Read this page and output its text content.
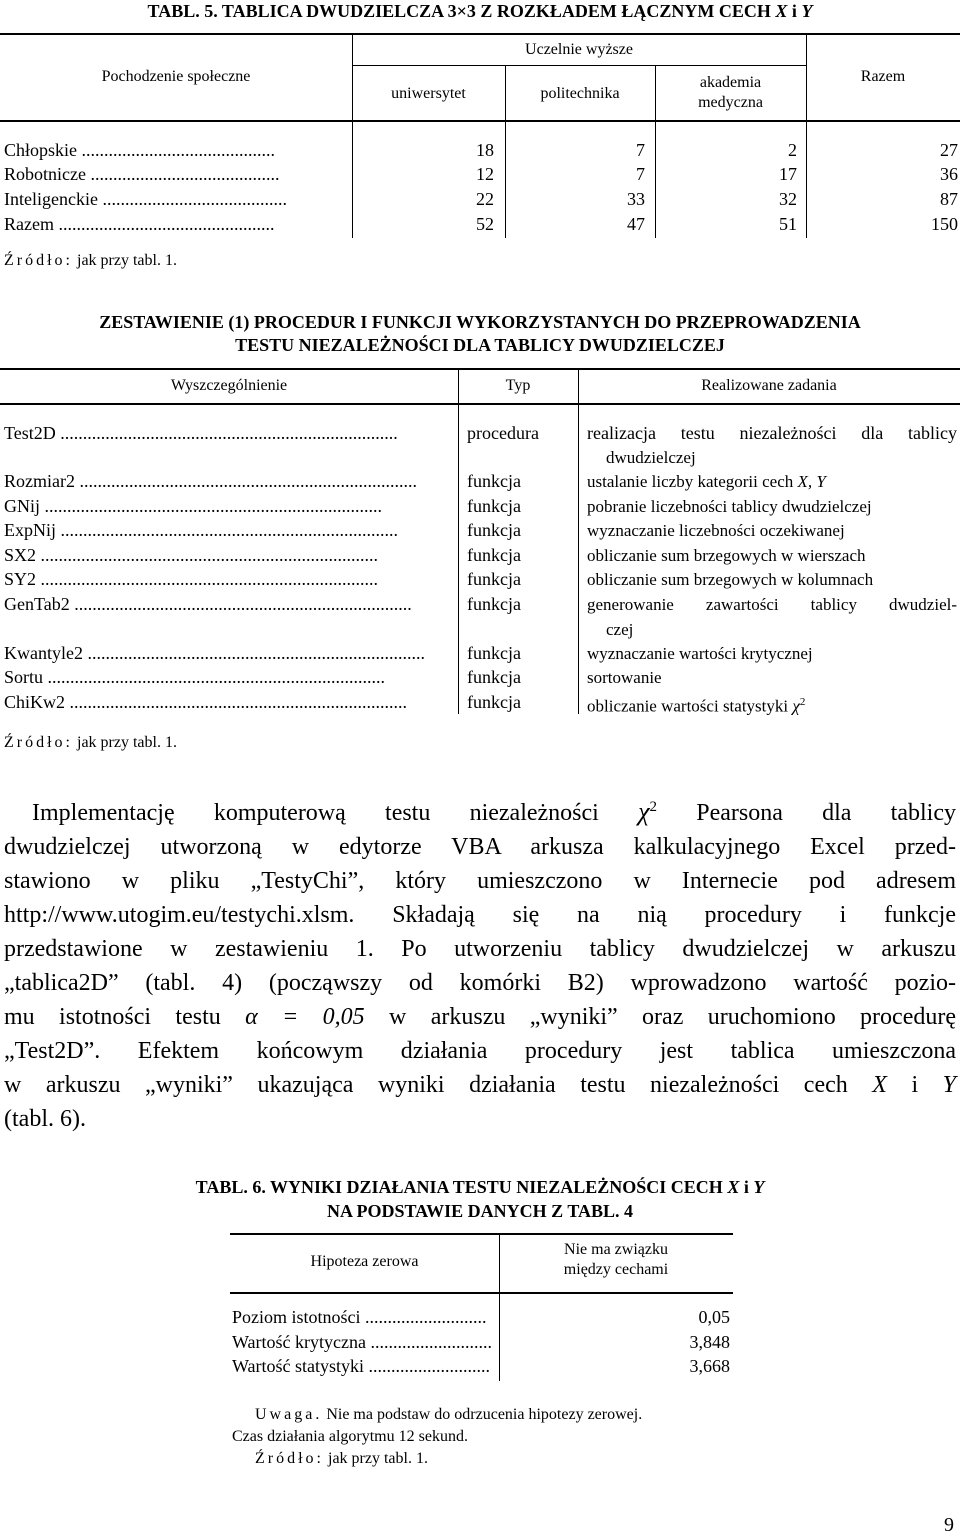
TABL. 5. TABLICA DWUDZIELCZA 3×3 Z ROZKŁADEM ŁĄCZNYM CECH X i Y
Pochodzenie społeczne
Uczelnie wyższe
uniwersytet	politechnika
akademia
medyczna
Razem
Chłopskie ...........................................	18	7	2	27
Robotnicze ..........................................	12	7	17	36
Inteligenckie .........................................	22	33	32	87
Razem ................................................	52	47	51	150
Źródło: jak przy tabl. 1.
ZESTAWIENIE (1) PROCEDUR I FUNKCJI WYKORZYSTANYCH DO PRZEPROWADZENIA
TESTU NIEZALEŻNOŚCI DLA TABLICY DWUDZIELCZEJ
Wyszczególnienie	Typ	Realizowane zadania
Test2D ...........................................................................	procedura	realizacja testu niezależności dla tablicy
dwudzielczej
Rozmiar2 ...........................................................................	funkcja	ustalanie liczby kategorii cech X, Y
GNij ...........................................................................	funkcja	pobranie liczebności tablicy dwudzielczej
ExpNij ...........................................................................	funkcja	wyznaczanie liczebności oczekiwanej
SX2 ...........................................................................	funkcja	obliczanie sum brzegowych w wierszach
SY2 ...........................................................................	funkcja	obliczanie sum brzegowych w kolumnach
GenTab2 ...........................................................................	funkcja	generowanie zawartości tablicy dwudziel-
czej
Kwantyle2 ...........................................................................	funkcja	wyznaczanie wartości krytycznej
Sortu ...........................................................................	funkcja	sortowanie
ChiKw2 ...........................................................................	funkcja	obliczanie wartości statystyki $\chi^2$
Źródło: jak przy tabl. 1.
Implementację komputerową testu niezależności $\chi^2$ Pearsona dla tablicy
dwudzielczej utworzoną w edytorze VBA arkusza kalkulacyjnego Excel przed-
stawiono w pliku „TestyChi”, który umieszczono w Internecie pod adresem
http://www.utogim.eu/testychi.xlsm. Składają się na nią procedury i funkcje
przedstawione w zestawieniu 1. Po utworzeniu tablicy dwudzielczej w arkuszu
„tablica2D” (tabl. 4) (począwszy od komórki B2) wprowadzono wartość pozio-
mu istotności testu α = 0,05 w arkuszu „wyniki” oraz uruchomiono procedurę
„Test2D”. Efektem końcowym działania procedury jest tablica umieszczona
w arkuszu „wyniki” ukazująca wyniki działania testu niezależności cech X i Y
(tabl. 6).
TABL. 6. WYNIKI DZIAŁANIA TESTU NIEZALEŻNOŚCI CECH X i Y
NA PODSTAWIE DANYCH Z TABL. 4
Hipoteza zerowa
Nie ma związku
między cechami
Poziom istotności ...........................	0,05
Wartość krytyczna ...........................	3,848
Wartość statystyki ...........................	3,668
Uwaga. Nie ma podstaw do odrzucenia hipotezy zerowej.
Czas działania algorytmu 12 sekund.
Źródło: jak przy tabl. 1.
9
